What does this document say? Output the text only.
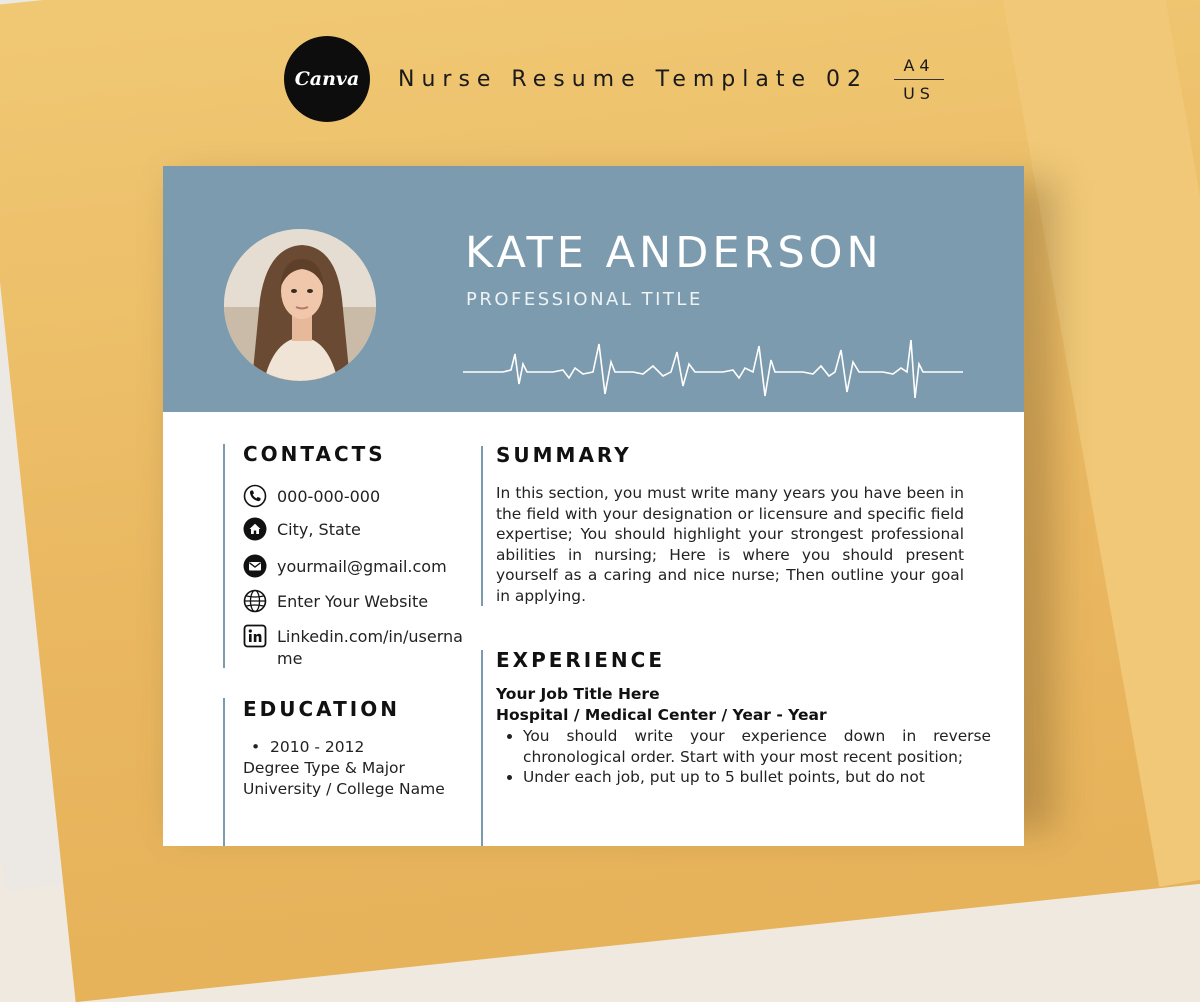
Canva Nurse Resume Template 02
A4
US
KATE ANDERSON
PROFESSIONAL TITLE
CONTACTS
000-000-000
City, State
yourmail@gmail.com
Enter Your Website
Linkedin.com/in/username
EDUCATION
•  2010 - 2012
Degree Type & Major
University / College Name
SUMMARY
In this section, you must write many years you have been in the field with your designation or licensure and specific field expertise; You should highlight your strongest professional abilities in nursing; Here is where you should present yourself as a caring and nice nurse; Then outline your goal in applying.
EXPERIENCE
Your Job Title Here
Hospital / Medical Center / Year - Year
• You should write your experience down in reverse chronological order. Start with your most recent position;
• Under each job, put up to 5 bullet points, but do not
